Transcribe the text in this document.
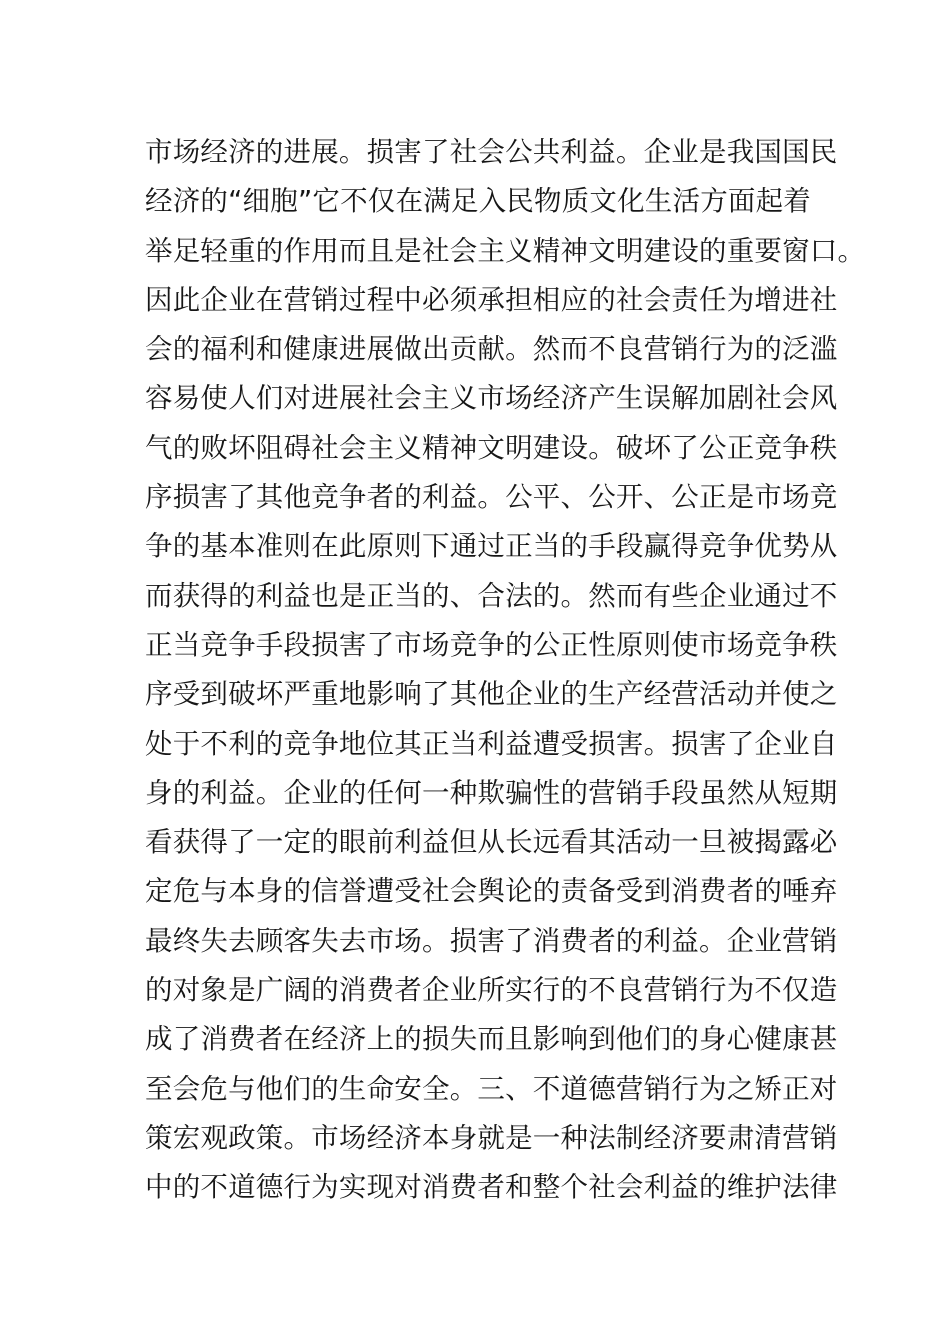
市场经济的进展。损害了社会公共利益。企业是我国国民
经济的“细胞”它不仅在满足入民物质文化生活方面起着
举足轻重的作用而且是社会主义精神文明建设的重要窗口。
因此企业在营销过程中必须承担相应的社会责任为增进社
会的福利和健康进展做出贡献。然而不良营销行为的泛滥
容易使人们对进展社会主义市场经济产生误解加剧社会风
气的败坏阻碍社会主义精神文明建设。破坏了公正竞争秩
序损害了其他竞争者的利益。公平、公开、公正是市场竞
争的基本准则在此原则下通过正当的手段赢得竞争优势从
而获得的利益也是正当的、合法的。然而有些企业通过不
正当竞争手段损害了市场竞争的公正性原则使市场竞争秩
序受到破坏严重地影响了其他企业的生产经营活动并使之
处于不利的竞争地位其正当利益遭受损害。损害了企业自
身的利益。企业的任何一种欺骗性的营销手段虽然从短期
看获得了一定的眼前利益但从长远看其活动一旦被揭露必
定危与本身的信誉遭受社会舆论的责备受到消费者的唾弃
最终失去顾客失去市场。损害了消费者的利益。企业营销
的对象是广阔的消费者企业所实行的不良营销行为不仅造
成了消费者在经济上的损失而且影响到他们的身心健康甚
至会危与他们的生命安全。三、不道德营销行为之矫正对
策宏观政策。市场经济本身就是一种法制经济要肃清营销
中的不道德行为实现对消费者和整个社会利益的维护法律
